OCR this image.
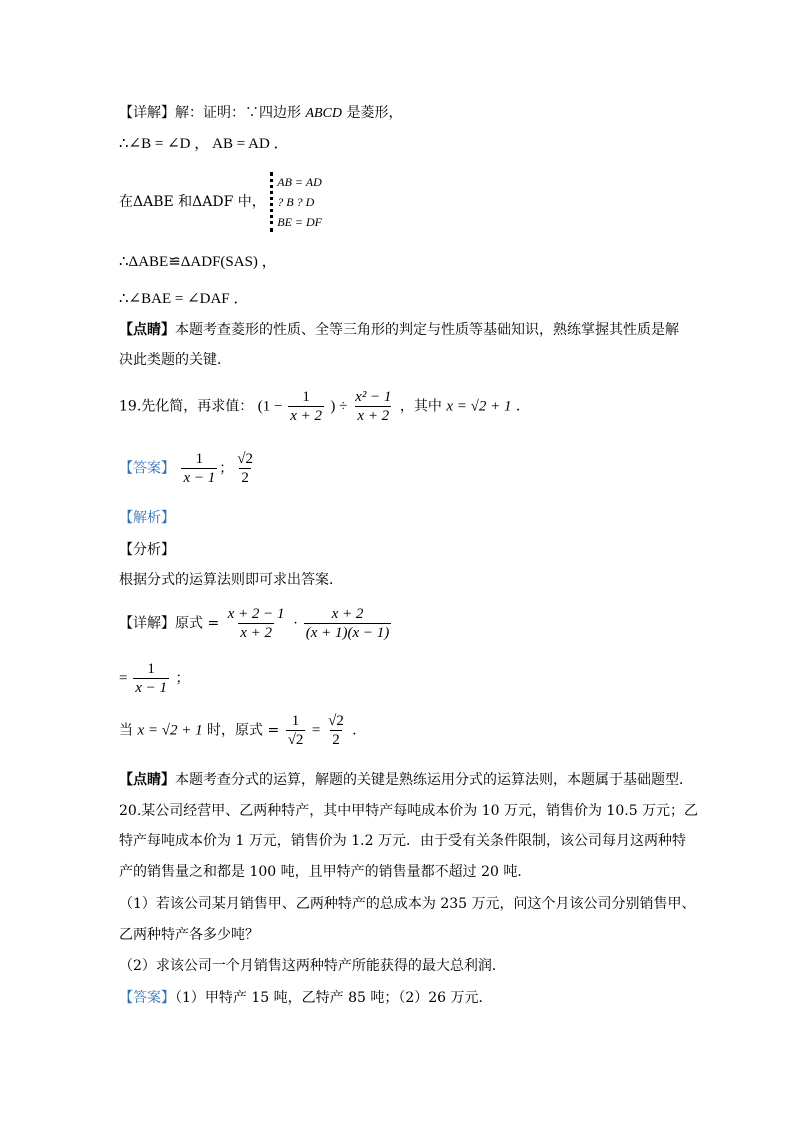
【详解】解：证明：∵四边形 ABCD 是菱形，
∴∠B = ∠D ， AB = AD ．
在ΔABE 和ΔADF 中，
AB = AD
? B ? D
BE = DF
∴ΔABE≌ΔADF(SAS) ，
∴∠BAE = ∠DAF ．
【点睛】本题考查菱形的性质、全等三角形的判定与性质等基础知识，熟练掌握其性质是解
决此类题的关键．
19.先化简，再求值： ($1 - \frac{1}{x + 2}$ ) ÷ $\frac{\text{x² − 1}}{x + 2}$ ，其中 x = √2 + 1 ．
【答案】 $\frac{1}{x - 1}$ ； $\frac{√2}{2}$
【解析】
【分析】
根据分式的运算法则即可求出答案．
【详解】原式 = $\frac{x + 2 - 1}{x + 2} \cdot \frac{x + 2}{(x + 1)(x - 1)}$
= $\frac{1}{x - 1}$ ；
当 x = √2 + 1 时，原式 = $\frac{1}{√2} = \frac{√2}{2}$ ．
【点睛】本题考查分式的运算，解题的关键是熟练运用分式的运算法则，本题属于基础题型．
20.某公司经营甲、乙两种特产，其中甲特产每吨成本价为 10 万元，销售价为 10.5 万元；乙
特产每吨成本价为 1 万元，销售价为 1.2 万元．由于受有关条件限制，该公司每月这两种特
产的销售量之和都是 100 吨，且甲特产的销售量都不超过 20 吨．
（1）若该公司某月销售甲、乙两种特产的总成本为 235 万元，问这个月该公司分别销售甲、
乙两种特产各多少吨？
（2）求该公司一个月销售这两种特产所能获得的最大总利润．
【答案】（1）甲特产 15 吨，乙特产 85 吨；（2）26 万元．
